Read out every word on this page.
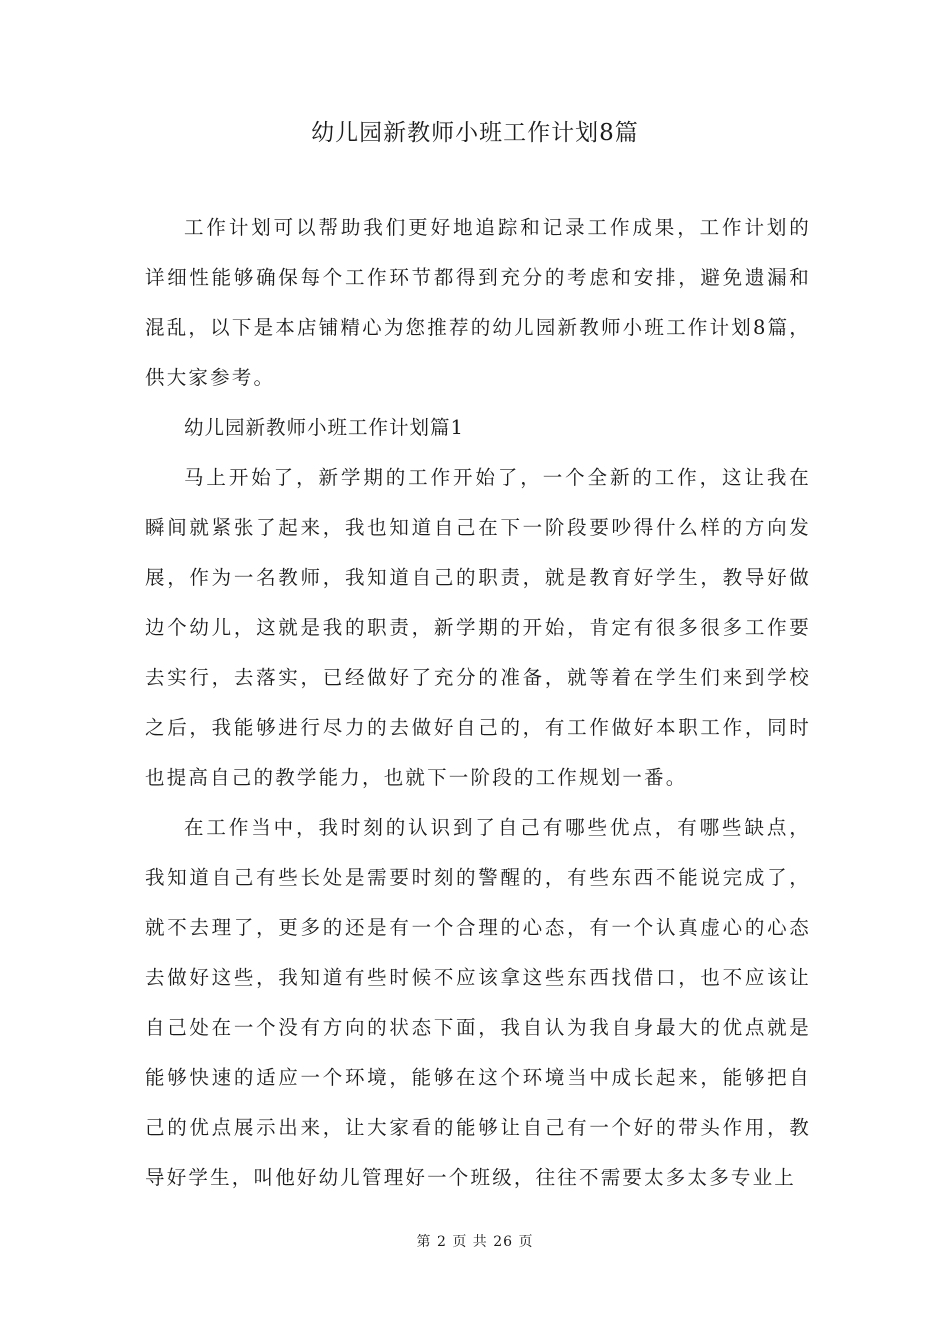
幼儿园新教师小班工作计划8篇

工作计划可以帮助我们更好地追踪和记录工作成果，工作计划的详细性能够确保每个工作环节都得到充分的考虑和安排，避免遗漏和混乱，以下是本店铺精心为您推荐的幼儿园新教师小班工作计划8篇，供大家参考。

幼儿园新教师小班工作计划篇1

马上开始了，新学期的工作开始了，一个全新的工作，这让我在瞬间就紧张了起来，我也知道自己在下一阶段要吵得什么样的方向发展，作为一名教师，我知道自己的职责，就是教育好学生，教导好做边个幼儿，这就是我的职责，新学期的开始，肯定有很多很多工作要去实行，去落实，已经做好了充分的准备，就等着在学生们来到学校之后，我能够进行尽力的去做好自己的，有工作做好本职工作，同时也提高自己的教学能力，也就下一阶段的工作规划一番。

在工作当中，我时刻的认识到了自己有哪些优点，有哪些缺点，我知道自己有些长处是需要时刻的警醒的，有些东西不能说完成了，就不去理了，更多的还是有一个合理的心态，有一个认真虚心的心态去做好这些，我知道有些时候不应该拿这些东西找借口，也不应该让自己处在一个没有方向的状态下面，我自认为我自身最大的优点就是能够快速的适应一个环境，能够在这个环境当中成长起来，能够把自己的优点展示出来，让大家看的能够让自己有一个好的带头作用，教导好学生，叫他好幼儿管理好一个班级，往往不需要太多太多专业上

第 2 页 共 26 页
